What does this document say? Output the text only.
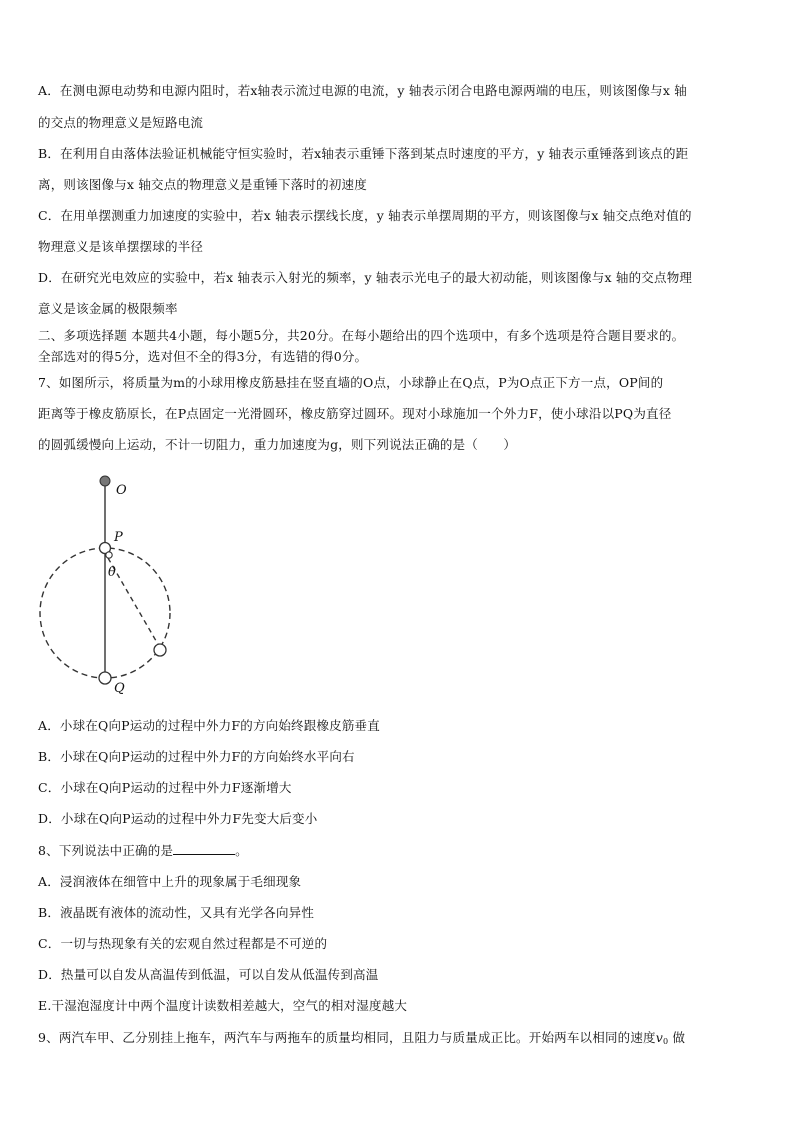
A．在测电源电动势和电源内阻时，若x轴表示流过电源的电流，y 轴表示闭合电路电源两端的电压，则该图像与x 轴
的交点的物理意义是短路电流
B．在利用自由落体法验证机械能守恒实验时，若x轴表示重锤下落到某点时速度的平方，y 轴表示重锤落到该点的距
离，则该图像与x 轴交点的物理意义是重锤下落时的初速度
C．在用单摆测重力加速度的实验中，若x 轴表示摆线长度，y 轴表示单摆周期的平方，则该图像与x 轴交点绝对值的
物理意义是该单摆摆球的半径
D．在研究光电效应的实验中，若x 轴表示入射光的频率，y 轴表示光电子的最大初动能，则该图像与x 轴的交点物理
意义是该金属的极限频率
二、多项选择题 本题共4小题，每小题5分，共20分。在每小题给出的四个选项中，有多个选项是符合题目要求的。
全部选对的得5分，选对但不全的得3分，有选错的得0分。
7、如图所示，将质量为m的小球用橡皮筋悬挂在竖直墙的O点，小球静止在Q点，P为O点正下方一点，OP间的
距离等于橡皮筋原长，在P点固定一光滑圆环，橡皮筋穿过圆环。现对小球施加一个外力F，使小球沿以PQ为直径
的圆弧缓慢向上运动，不计一切阻力，重力加速度为g，则下列说法正确的是（　　）
O
P
θ
Q
A．小球在Q向P运动的过程中外力F的方向始终跟橡皮筋垂直
B．小球在Q向P运动的过程中外力F的方向始终水平向右
C．小球在Q向P运动的过程中外力F逐渐增大
D．小球在Q向P运动的过程中外力F先变大后变小
8、下列说法中正确的是	。
A．浸润液体在细管中上升的现象属于毛细现象
B．液晶既有液体的流动性，又具有光学各向异性
C．一切与热现象有关的宏观自然过程都是不可逆的
D．热量可以自发从高温传到低温，可以自发从低温传到高温
E.干湿泡湿度计中两个温度计读数相差越大，空气的相对湿度越大
9、两汽车甲、乙分别挂上拖车，两汽车与两拖车的质量均相同，且阻力与质量成正比。开始两车以相同的速度$v_0$ 做
